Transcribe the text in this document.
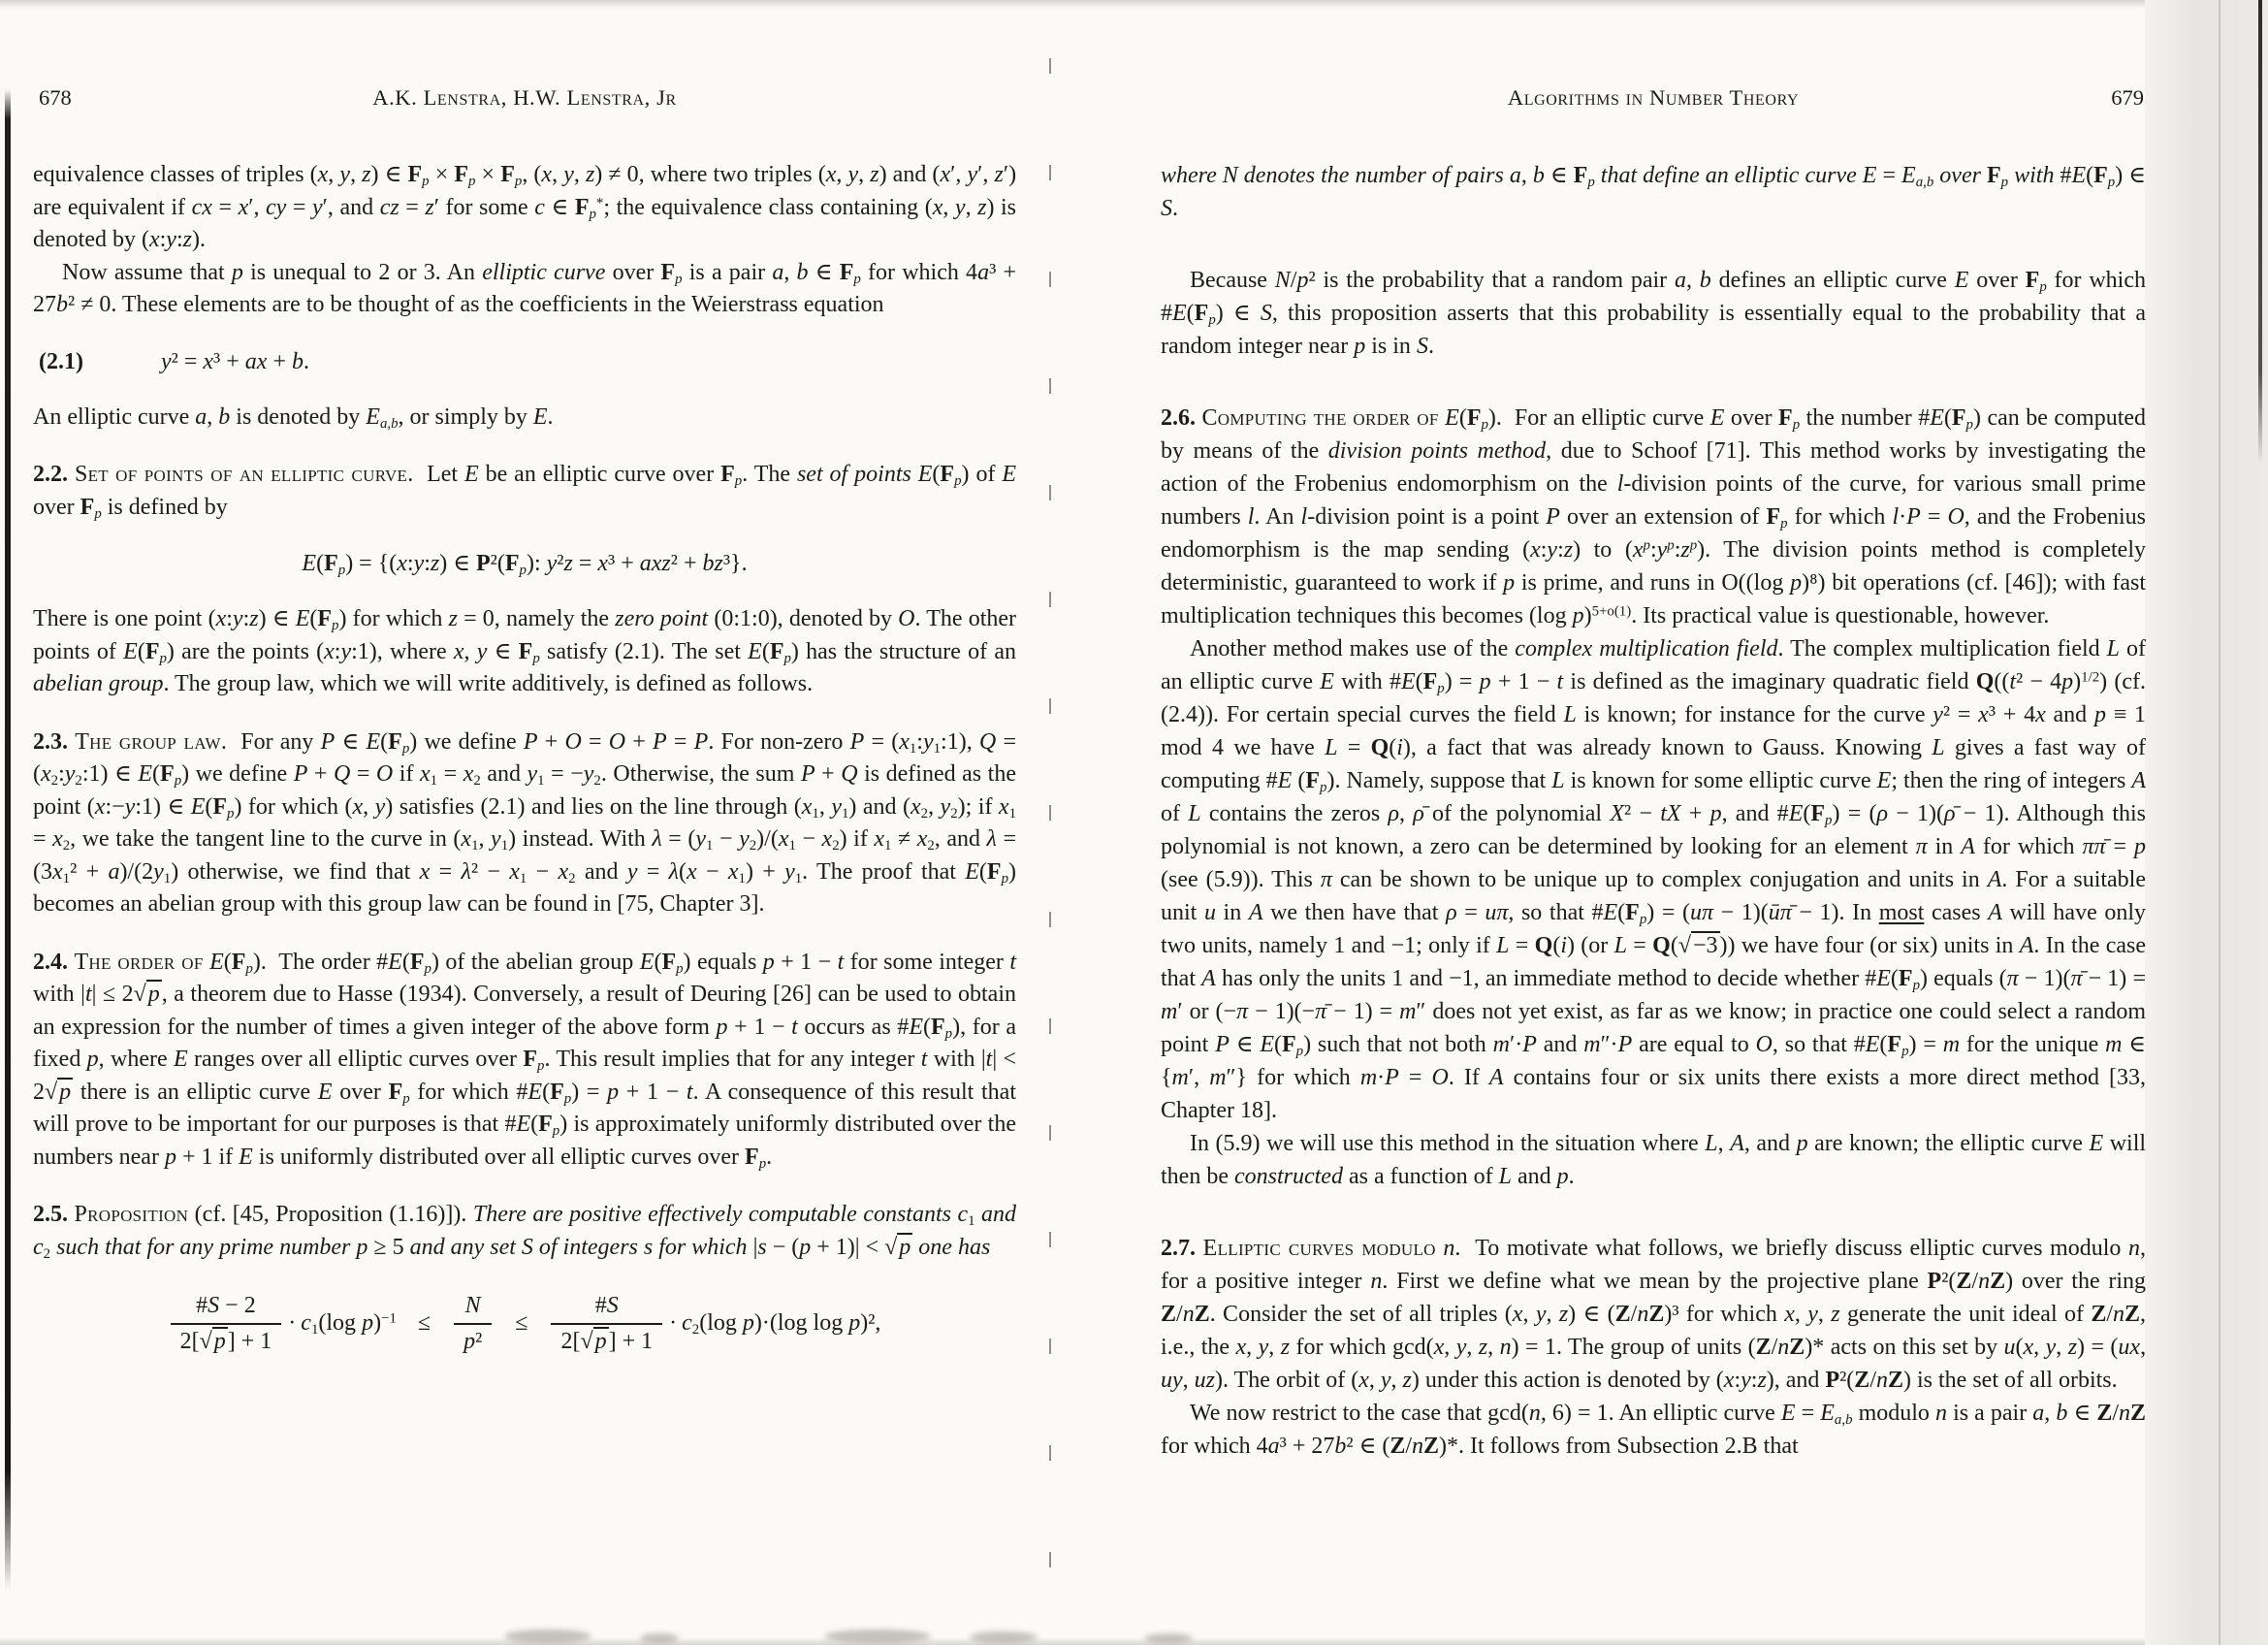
678	A.K. Lenstra, H.W. Lenstra, Jr

equivalence classes of triples (x, y, z) ∈ $F_p \times F_p \times F_p$, (x, y, z) ≠ 0, where two triples (x, y, z) and (x′, y′, z′) are equivalent if cx = x′, cy = y′, and cz = z′ for some c ∈ $F_p^*$; the equivalence class containing (x, y, z) is denoted by (x:y:z).

Now assume that p is unequal to 2 or 3. An elliptic curve over $F_p$ is a pair a, b ∈ $F_p$ for which 4a³ + 27b² ≠ 0. These elements are to be thought of as the coefficients in the Weierstrass equation

(2.1)	y² = x³ + ax + b.

An elliptic curve a, b is denoted by $E_{a,b}$, or simply by E.

2.2. Set of points of an elliptic curve.  Let E be an elliptic curve over $F_p$. The set of points $E(F_p)$ of E over $F_p$ is defined by

$E(F_p)$ = {(x:y:z) ∈ $P^2(F_p)$: y²z = x³ + axz² + bz³}.

There is one point (x:y:z) ∈ $E(F_p)$ for which z = 0, namely the zero point (0:1:0), denoted by O. The other points of $E(F_p)$ are the points (x:y:1), where x, y ∈ $F_p$ satisfy (2.1). The set $E(F_p)$ has the structure of an abelian group. The group law, which we will write additively, is defined as follows.

2.3. The group law.  For any P ∈ $E(F_p)$ we define P + O = O + P = P. For non-zero $P = (x_1:y_1:1)$, $Q = (x_2:y_2:1)$ ∈ $E(F_p)$ we define P + Q = O if $x_1 = x_2$ and $y_1 = -y_2$. Otherwise, the sum P + Q is defined as the point (x:−y:1) ∈ $E(F_p)$ for which (x, y) satisfies (2.1) and lies on the line through ($x_1$, $y_1$) and ($x_2$, $y_2$); if $x_1 = x_2$, we take the tangent line to the curve in ($x_1$, $y_1$) instead. With $\lambda = (y_1 - y_2)/(x_1 - x_2)$ if $x_1 \ne x_2$, and $\lambda = (3x_1^2 + a)/(2y_1)$ otherwise, we find that $x = \lambda^2 - x_1 - x_2$ and $y = \lambda(x - x_1) + y_1$. The proof that $E(F_p)$ becomes an abelian group with this group law can be found in [75, Chapter 3].

2.4. The order of $E(F_p)$.  The order $\#E(F_p)$ of the abelian group $E(F_p)$ equals p + 1 − t for some integer t with |t| ≤ 2√p, a theorem due to Hasse (1934). Conversely, a result of Deuring [26] can be used to obtain an expression for the number of times a given integer of the above form p + 1 − t occurs as $\#E(F_p)$, for a fixed p, where E ranges over all elliptic curves over $F_p$. This result implies that for any integer t with |t| < 2√p there is an elliptic curve E over $F_p$ for which $\#E(F_p) = p + 1 - t$. A consequence of this result that will prove to be important for our purposes is that $\#E(F_p)$ is approximately uniformly distributed over the numbers near p + 1 if E is uniformly distributed over all elliptic curves over $F_p$.

2.5. Proposition (cf. [45, Proposition (1.16)]). There are positive effectively computable constants $c_1$ and $c_2$ such that for any prime number p ≥ 5 and any set S of integers s for which |s − (p + 1)| < √p one has

$\frac{\#S - 2}{2[√p] + 1} \cdot c_1(\log$ $p)^{-1} \le \frac{N}{\text{p²}} \le \frac{\#S}{2[√p] + 1} \cdot c_2(\log$ p)·(log log p)²,
Algorithms in Number Theory	679

where N denotes the number of pairs a, b ∈ $F_p$ that define an elliptic curve $E = E_{a,b}$ over $F_p$ with $\#E(F_p)$ ∈ S.

Because N/p² is the probability that a random pair a, b defines an elliptic curve E over $F_p$ for which $\#E(F_p)$ ∈ S, this proposition asserts that this probability is essentially equal to the probability that a random integer near p is in S.

2.6. Computing the order of $E(F_p)$.  For an elliptic curve E over $F_p$ the number $\#E(F_p)$ can be computed by means of the division points method, due to Schoof [71]. This method works by investigating the action of the Frobenius endomorphism on the l-division points of the curve, for various small prime numbers l. An l-division point is a point P over an extension of $F_p$ for which l·P = O, and the Frobenius endomorphism is the map sending (x:y:z) to $(x^p:y^p:z^p)$. The division points method is completely deterministic, guaranteed to work if p is prime, and runs in O((log p)⁸) bit operations (cf. [46]); with fast multiplication techniques this becomes (log p)$^{5+o(1)}$. Its practical value is questionable, however.

Another method makes use of the complex multiplication field. The complex multiplication field L of an elliptic curve E with $\#E(F_p) = p + 1 - t$ is defined as the imaginary quadratic field $Q((t^2 - 4p)^{1/2})$ (cf. (2.4)). For certain special curves the field L is known; for instance for the curve y² = x³ + 4x and p ≡ 1 mod 4 we have L = Q(i), a fact that was already known to Gauss. Knowing L gives a fast way of computing #E $(F_p)$. Namely, suppose that L is known for some elliptic curve E; then the ring of integers A of L contains the zeros ρ, ρ̄ of the polynomial X² − tX + p, and $\#E(F_p) = (\rho$ − 1)(ρ̄ − 1). Although this polynomial is not known, a zero can be determined by looking for an element π in A for which ππ̄ = p (see (5.9)). This π can be shown to be unique up to complex conjugation and units in A. For a suitable unit u in A we then have that ρ = uπ, so that $\#E(F_p) = (u\pi$ − 1)(ūπ̄ − 1). In most cases A will have only two units, namely 1 and −1; only if L = Q(i) (or L = Q(√−3)) we have four (or six) units in A. In the case that A has only the units 1 and −1, an immediate method to decide whether $\#E(F_p)$ equals (π − 1)(π̄ − 1) = m′ or (−π − 1)(−π̄ − 1) = m″ does not yet exist, as far as we know; in practice one could select a random point P ∈ $E(F_p)$ such that not both m′·P and m″·P are equal to O, so that $\#E(F_p) = m$ for the unique m ∈ {m′, m″} for which m·P = O. If A contains four or six units there exists a more direct method [33, Chapter 18].

In (5.9) we will use this method in the situation where L, A, and p are known; the elliptic curve E will then be constructed as a function of L and p.

2.7. Elliptic curves modulo n.  To motivate what follows, we briefly discuss elliptic curves modulo n, for a positive integer n. First we define what we mean by the projective plane P²(Z/nZ) over the ring Z/nZ. Consider the set of all triples (x, y, z) ∈ (Z/nZ)³ for which x, y, z generate the unit ideal of Z/nZ, i.e., the x, y, z for which gcd(x, y, z, n) = 1. The group of units (Z/nZ)* acts on this set by u(x, y, z) = (ux, uy, uz). The orbit of (x, y, z) under this action is denoted by (x:y:z), and P²(Z/nZ) is the set of all orbits.

We now restrict to the case that gcd(n, 6) = 1. An elliptic curve $E = E_{a,b}$ modulo n is a pair a, b ∈ Z/nZ for which 4a³ + 27b² ∈ (Z/nZ)*. It follows from Subsection 2.B that
